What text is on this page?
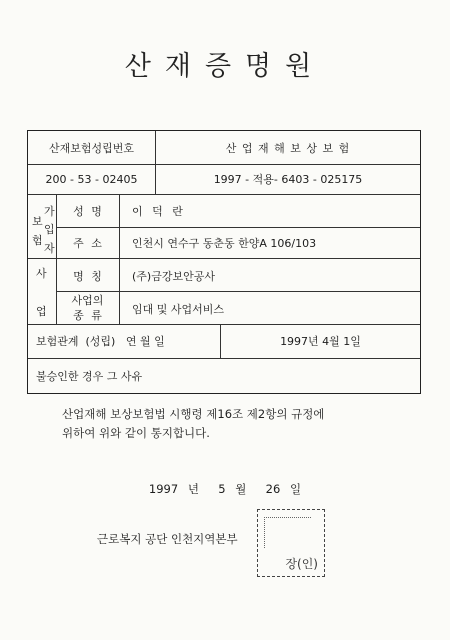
산재증명원
산재보험성립번호	산 업 재 해 보 상 보 험
200 - 53 - 02405	1997 - 적용- 6403 - 025175
가
보
입
험
자
성 명	이 덕 란
주 소	인천시 연수구 동춘동 한양A 106/103
사
업
명 칭	(주)금강보안공사
사업의
종 류	임대 및 사업서비스
보험관계  (성립)   연 월 일	1997년 4월 1일
불승인한 경우 그 사유
산업재해 보상보험법 시행령 제16조 제2항의 규정에
위하여 위와 같이 통지합니다.
1997 년  5 월  26 일
근로복지 공단 인천지역본부
장(인)
